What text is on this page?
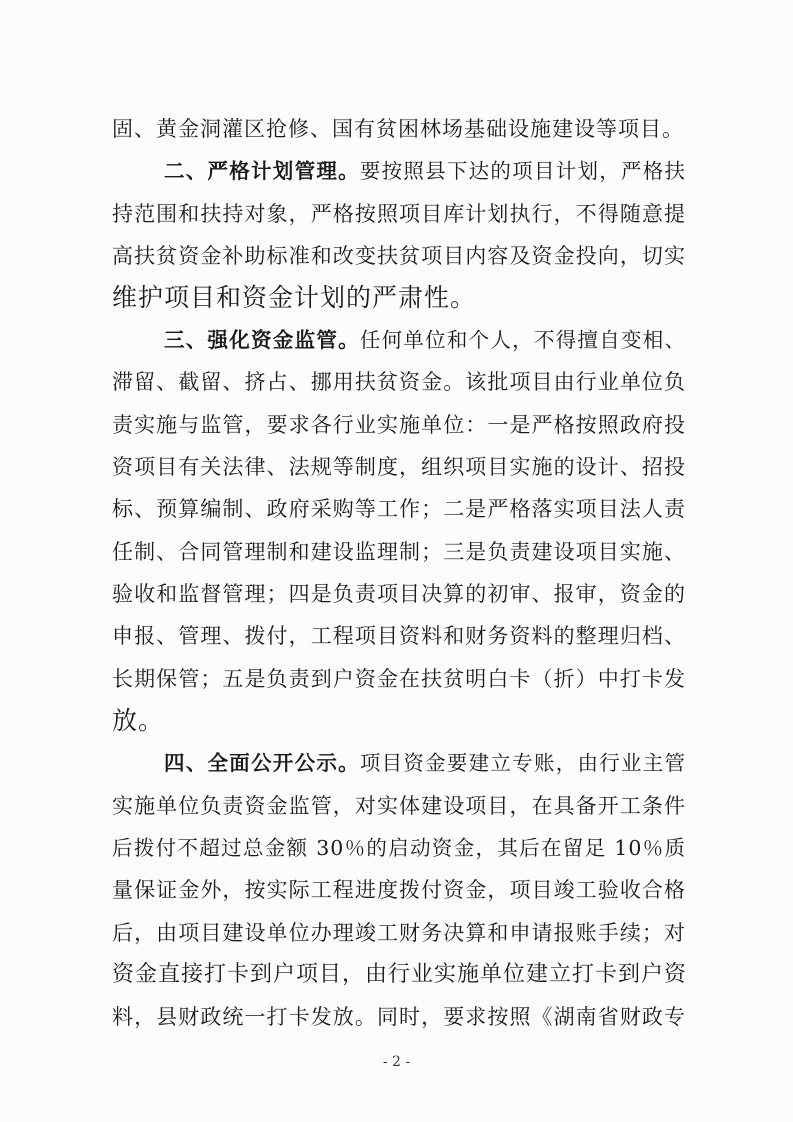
固、黄金洞灌区抢修、国有贫困林场基础设施建设等项目。
二、严格计划管理。要按照县下达的项目计划，严格扶
持范围和扶持对象，严格按照项目库计划执行，不得随意提
高扶贫资金补助标准和改变扶贫项目内容及资金投向，切实
维护项目和资金计划的严肃性。
三、强化资金监管。任何单位和个人，不得擅自变相、
滞留、截留、挤占、挪用扶贫资金。该批项目由行业单位负
责实施与监管，要求各行业实施单位：一是严格按照政府投
资项目有关法律、法规等制度，组织项目实施的设计、招投
标、预算编制、政府采购等工作；二是严格落实项目法人责
任制、合同管理制和建设监理制；三是负责建设项目实施、
验收和监督管理；四是负责项目决算的初审、报审，资金的
申报、管理、拨付，工程项目资料和财务资料的整理归档、
长期保管；五是负责到户资金在扶贫明白卡（折）中打卡发
放。
四、全面公开公示。项目资金要建立专账，由行业主管
实施单位负责资金监管，对实体建设项目，在具备开工条件
后拨付不超过总金额 30％的启动资金，其后在留足 10％质
量保证金外，按实际工程进度拨付资金，项目竣工验收合格
后，由项目建设单位办理竣工财务决算和申请报账手续；对
资金直接打卡到户项目，由行业实施单位建立打卡到户资
料，县财政统一打卡发放。同时，要求按照《湖南省财政专
- 2 -
